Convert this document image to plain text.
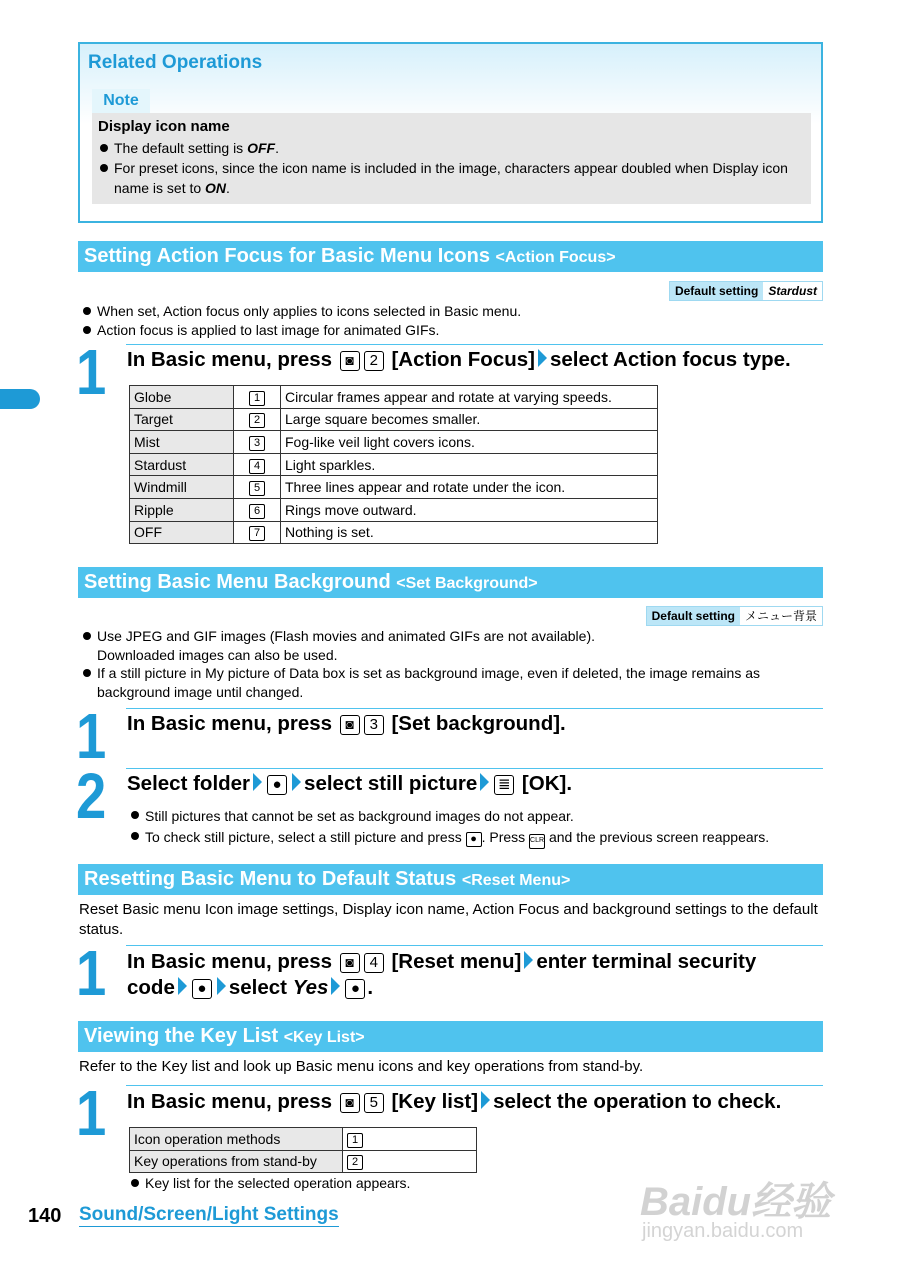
Related Operations
Note
Display icon name
The default setting is OFF.
For preset icons, since the icon name is included in the image, characters appear doubled when Display icon name is set to ON.
Setting Action Focus for Basic Menu Icons <Action Focus>
Default setting Stardust
When set, Action focus only applies to icons selected in Basic menu.
Action focus is applied to last image for animated GIFs.
1 In Basic menu, press ◙ 2 [Action Focus] select Action focus type.
Globe	1	Circular frames appear and rotate at varying speeds.
Target	2	Large square becomes smaller.
Mist	3	Fog-like veil light covers icons.
Stardust	4	Light sparkles.
Windmill	5	Three lines appear and rotate under the icon.
Ripple	6	Rings move outward.
OFF	7	Nothing is set.
Setting Basic Menu Background <Set Background>
Default setting メニュー背景
Use JPEG and GIF images (Flash movies and animated GIFs are not available).
Downloaded images can also be used.
If a still picture in My picture of Data box is set as background image, even if deleted, the image remains as background image until changed.
1 In Basic menu, press ◙ 3 [Set background].
2 Select folder ● select still picture ≣ [OK].
Still pictures that cannot be set as background images do not appear.
To check still picture, select a still picture and press ● . Press CLR and the previous screen reappears.
Resetting Basic Menu to Default Status <Reset Menu>
Reset Basic menu Icon image settings, Display icon name, Action Focus and background settings to the default status.
1 In Basic menu, press ◙ 4 [Reset menu] enter terminal security
code ● select Yes ● .
Viewing the Key List <Key List>
Refer to the Key list and look up Basic menu icons and key operations from stand-by.
1 In Basic menu, press ◙ 5 [Key list] select the operation to check.
Icon operation methods	1
Key operations from stand-by	2
Key list for the selected operation appears.
140 Sound/Screen/Light Settings	Baidu经验
jingyan.baidu.com
